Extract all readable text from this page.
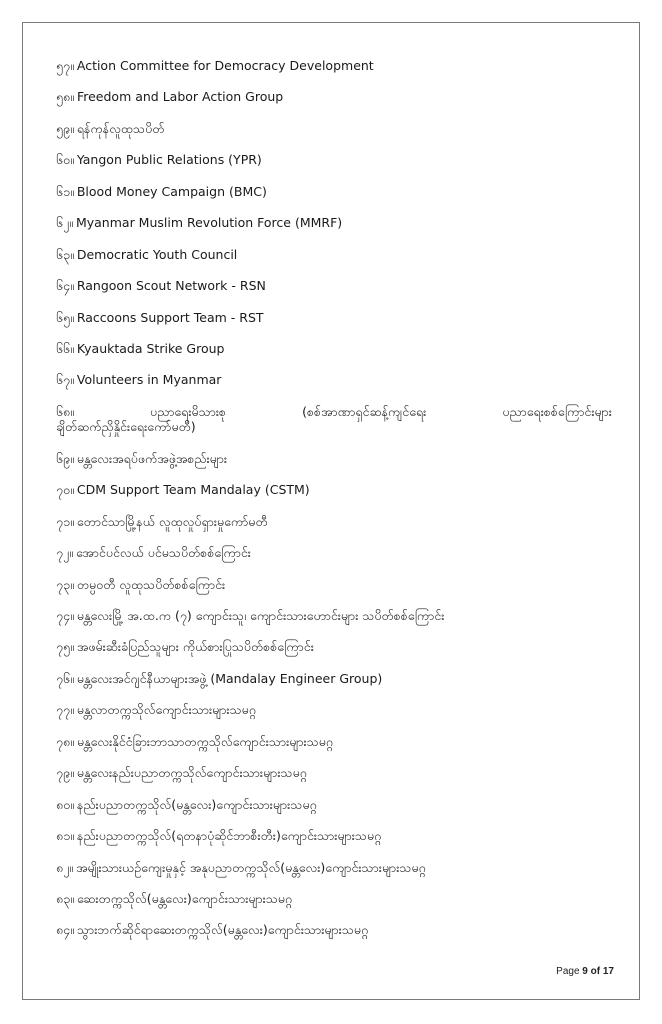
၅၇။ Action Committee for Democracy Development
၅၈။ Freedom and Labor Action Group
၅၉။ ရန်ကုန်လူထုသပိတ်
၆၀။ Yangon Public Relations (YPR)
၆၁။ Blood Money Campaign (BMC)
၆၂။ Myanmar Muslim Revolution Force (MMRF)
၆၃။ Democratic Youth Council
၆၄။ Rangoon Scout Network - RSN
၆၅။ Raccoons Support Team - RST
၆၆။ Kyauktada Strike Group
၆၇။ Volunteers in Myanmar
၆၈။	ပညာရေးမိသားစု	(စစ်အာဏာရှင်ဆန့်ကျင်ရေး	ပညာရေးစစ်ကြောင်းများ
ချိတ်ဆက်ညှိနှိုင်းရေးကော်မတီ)
၆၉။ မန္တလေးအရပ်ဖက်အဖွဲ့အစည်းများ
၇၀။ CDM Support Team Mandalay (CSTM)
၇၁။ တောင်သာမြို့နယ် လူထုလှုပ်ရှားမှုကော်မတီ
၇၂။ အောင်ပင်လယ် ပင်မသပိတ်စစ်ကြောင်း
၇၃။ တမ္ပဝတီ လူထုသပိတ်စစ်ကြောင်း
၇၄။ မန္တလေးမြို့ အ.ထ.က (၇) ကျောင်းသူ၊ ကျောင်းသားဟောင်းများ သပိတ်စစ်ကြောင်း
၇၅။ အဖမ်းဆီးခံပြည်သူများ ကိုယ်စားပြုသပိတ်စစ်ကြောင်း
၇၆။ မန္တလေးအင်ဂျင်နီယာများအဖွဲ့ (Mandalay Engineer Group)
၇၇။ မန္တလာတက္ကသိုလ်ကျောင်းသားများသမဂ္ဂ
၇၈။ မန္တလေးနိုင်ငံခြားဘာသာတက္ကသိုလ်ကျောင်းသားများသမဂ္ဂ
၇၉။ မန္တလေးနည်းပညာတက္ကသိုလ်ကျောင်းသားများသမဂ္ဂ
၈၀။ နည်းပညာတက္ကသိုလ်(မန္တလေး)ကျောင်းသားများသမဂ္ဂ
၈၁။ နည်းပညာတက္ကသိုလ်(ရတနာပုံဆိုင်ဘာစီးတီး)ကျောင်းသားများသမဂ္ဂ
၈၂။ အမျိုးသားယဉ်ကျေးမှုနှင့် အနုပညာတက္ကသိုလ်(မန္တလေး)ကျောင်းသားများသမဂ္ဂ
၈၃။ ဆေးတက္ကသိုလ်(မန္တလေး)ကျောင်းသားများသမဂ္ဂ
၈၄။ သွားဘက်ဆိုင်ရာဆေးတက္ကသိုလ်(မန္တလေး)ကျောင်းသားများသမဂ္ဂ
Page 9 of 17
